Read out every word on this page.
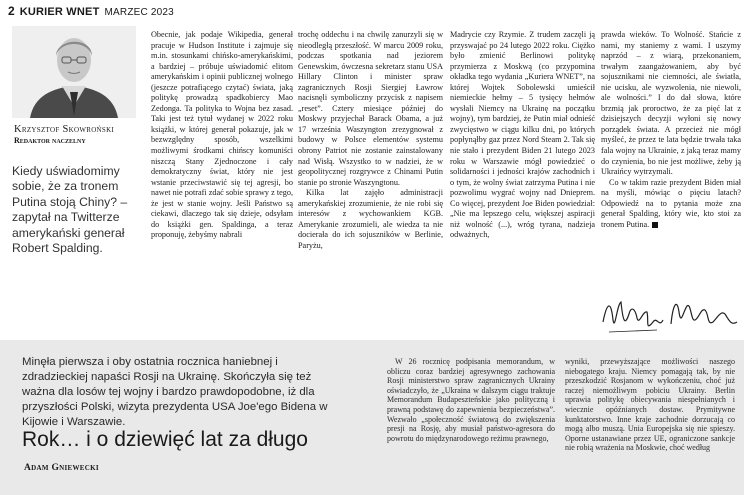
2 KURIER WNET MARZEC 2023
Krzysztof Skowroński
Redaktor naczelny
Kiedy uświadomimy sobie, że za tronem Putina stoją Chiny? – zapytał na Twitterze amerykański generał Robert Spalding.

Obecnie, jak podaje Wikipedia, generał pracuje w Hudson Institute i zajmuje się m.in. stosunkami chińsko-amerykańskimi, a bardziej – próbuje uświadomić elitom amerykańskim i opinii publicznej wolnego (jeszcze potrafiącego czytać) świata, jaką politykę prowadzą spadkobiercy Mao Zedonga. Ta polityka to Wojna bez zasad. Taki jest też tytuł wydanej w 2022 roku książki, w której generał pokazuje, jak w bezwzględny sposób, wszelkimi możliwymi środkami chińscy komuniści niszczą Stany Zjednoczone i cały demokratyczny świat, który nie jest wstanie przeciwstawić się tej agresji, bo nawet nie potrafi zdać sobie sprawy z tego, że jest w stanie wojny. Jeśli Państwo są ciekawi, dlaczego tak się dzieje, odsyłam do książki gen. Spaldinga, a teraz proponuję, żebyśmy nabrali

trochę oddechu i na chwilę zanurzyli się w nieodległą przeszłość. W marcu 2009 roku, podczas spotkania nad jeziorem Genewskim, ówczesna sekretarz stanu USA Hillary Clinton i minister spraw zagranicznych Rosji Siergiej Ławrow nacisnęli symboliczny przycisk z napisem „reset”. Cztery miesiące później do Moskwy przyjechał Barack Obama, a już 17 września Waszyngton zrezygnował z budowy w Polsce elementów systemu obrony Patriot nie zostanie zainstalowany nad Wisłą. Wszystko to w nadziei, że w geopolitycznej rozgrywce z Chinami Putin stanie po stronie Waszyngtonu.

Kilka lat zajęło administracji amerykańskiej zrozumienie, że nie robi się interesów z wychowankiem KGB. Amerykanie zrozumieli, ale wiedza ta nie docierała do ich sojuszników w Berlinie, Paryżu,

Madrycie czy Rzymie. Z trudem zaczęli ją przyswajać po 24 lutego 2022 roku. Ciężko było zmienić Berlinowi politykę przymierza z Moskwą (co przypomina okładka tego wydania „Kuriera WNET”, na której Wojtek Sobolewski umieścił niemieckie hełmy – 5 tysięcy hełmów wysłali Niemcy na Ukrainę na początku wojny), tym bardziej, że Putin miał odnieść zwycięstwo w ciągu kilku dni, po których popłynąłby gaz przez Nord Steam 2. Tak się nie stało i prezydent Biden 21 lutego 2023 roku w Warszawie mógł powiedzieć o solidarności i jedności krajów zachodnich i o tym, że wolny świat zatrzyma Putina i nie pozwolimu wygrać wojny nad Dnieprem. Co więcej, prezydent Joe Biden powiedział: „Nie ma lepszego celu, większej aspiracji niż wolność (...), wróg tyrana, nadzieja odważnych,

prawda wieków. To Wolność. Stańcie z nami, my staniemy z wami. I uszymy naprzód – z wiarą, przekonaniem, trwałym zaangażowaniem, aby być sojusznikami nie ciemności, ale światła, nie ucisku, ale wyzwolenia, nie niewoli, ale wolności.” I do dał słowa, które brzmią jak proroctwo, że za pięć lat z dzisiejszych decyzji wyłoni się nowy porządek świata. A przecież nie mógł myśleć, że przez te lata będzie trwała taka fala wojny na Ukrainie, z jaką teraz mamy do czynienia, bo nie jest możliwe, żeby ją Ukraińcy wytrzymali.

Co w takim razie prezydent Biden miał na myśli, mówiąc o pięciu latach? Odpowiedź na to pytania może zna generał Spalding, który wie, kto stoi za tronem Putina.

Minęła pierwsza i oby ostatnia rocznica haniebnej i zdradzieckiej napaści Rosji na Ukrainę. Skończyła się też ważna dla losów tej wojny i bardzo prawdopodobne, iż dla przyszłości Polski, wizyta prezydenta USA Joe'ego Bidena w Kijowie i Warszawie.
Rok… i o dziewięć lat za długo
Adam Gniewecki

W 26 rocznicę podpisania memorandum, w obliczu coraz bardziej agresywnego zachowania Rosji ministerstwo spraw zagranicznych Ukrainy oświadczyło, że „Ukraina w dalszym ciągu traktuje Memorandum Budapeszteńskie jako polityczną i prawną podstawę do zapewnienia bezpieczeństwa”. Wezwało „społeczność światową do zwiększenia presji na Rosję, aby musiał państwo-agresora do powrotu do międzynarodowego reżimu prawnego,

wyniki, przewyższające możliwości naszego niebogatego kraju. Niemcy pomagają tak, by nie przeszkodzić Rosjanom w wykończeniu, choć już raczej niemożliwym pobiciu Ukrainy. Berlin uprawia politykę obiecywania niespełnianych i wiecznie opóźnianych dostaw. Prymitywne kunktatorstwo. Inne kraje zachodnie dorzucają co mogą albo muszą. Unia Europejska się nie spieszy. Oporne ustanawiane przez UE, ograniczone sankcje nie robią wrażenia na Moskwie, choć według
